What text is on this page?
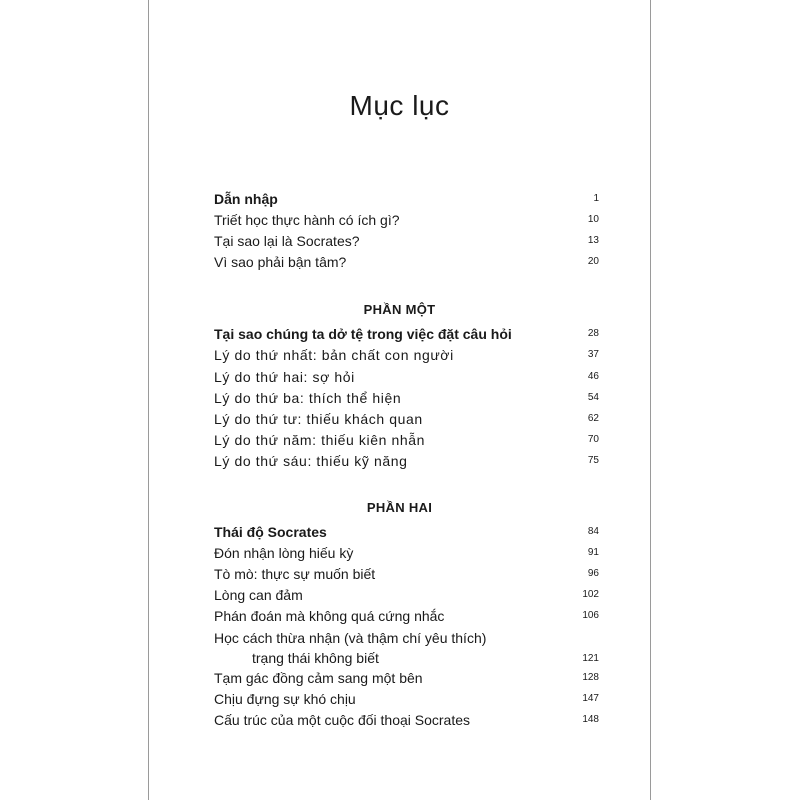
Mục lục
Dẫn nhập	1
Triết học thực hành có ích gì?	10
Tại sao lại là Socrates?	13
Vì sao phải bận tâm?	20
PHẦN MỘT
Tại sao chúng ta dở tệ trong việc đặt câu hỏi	28
Lý do thứ nhất: bản chất con người	37
Lý do thứ hai: sợ hỏi	46
Lý do thứ ba: thích thể hiện	54
Lý do thứ tư: thiếu khách quan	62
Lý do thứ năm: thiếu kiên nhẫn	70
Lý do thứ sáu: thiếu kỹ năng	75
PHẦN HAI
Thái độ Socrates	84
Đón nhận lòng hiếu kỳ	91
Tò mò: thực sự muốn biết	96
Lòng can đảm	102
Phán đoán mà không quá cứng nhắc	106
Học cách thừa nhận (và thậm chí yêu thích)
trạng thái không biết	121
Tạm gác đồng cảm sang một bên	128
Chịu đựng sự khó chịu	147
Cấu trúc của một cuộc đối thoại Socrates	148
